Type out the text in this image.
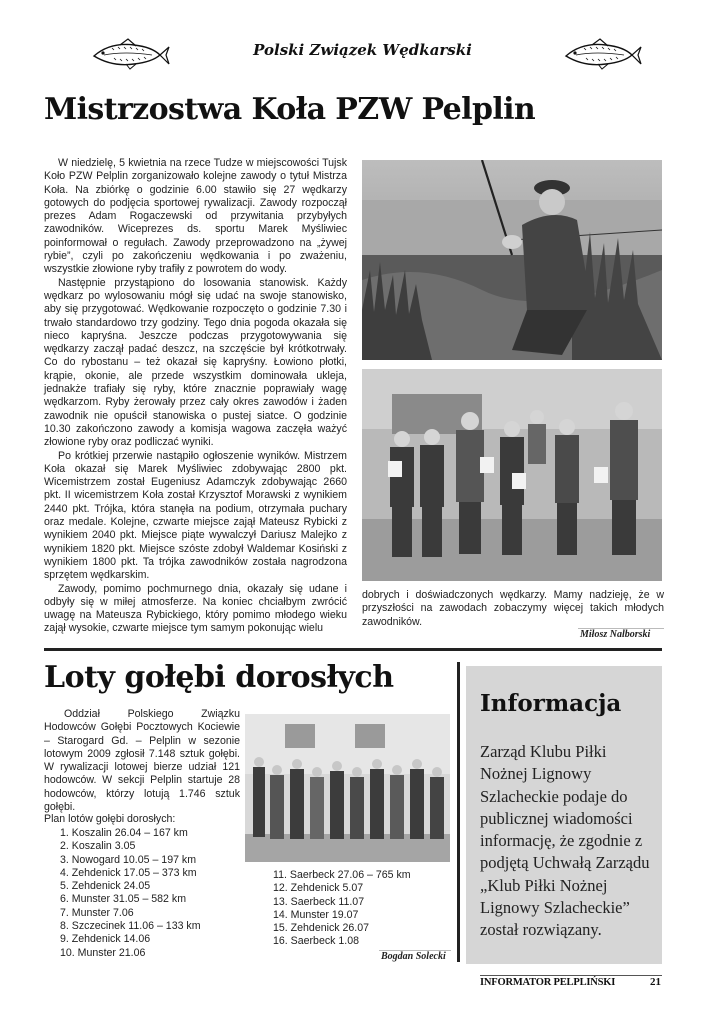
Polski Związek Wędkarski
Mistrzostwa Koła PZW Pelplin

W niedzielę, 5 kwietnia na rzece Tudze w miejscowości Tujsk Koło PZW Pelplin zorganizowało kolejne zawody o tytuł Mistrza Koła. Na zbiórkę o godzinie 6.00 stawiło się 27 wędkarzy gotowych do podjęcia sportowej rywalizacji. Zawody rozpoczął prezes Adam Rogaczewski od przywitania przybyłych zawodników. Wiceprezes ds. sportu Marek Myśliwiec poinformował o regułach. Zawody przeprowadzono na „żywej rybie”, czyli po zakończeniu wędkowania i po zważeniu, wszystkie złowione ryby trafiły z powrotem do wody.

Następnie przystąpiono do losowania stanowisk. Każdy wędkarz po wylosowaniu mógł się udać na swoje stanowisko, aby się przygotować. Wędkowanie rozpoczęto o godzinie 7.30 i trwało standardowo trzy godziny. Tego dnia pogoda okazała się nieco kapryśna. Jeszcze podczas przygotowywania się wędkarzy zaczął padać deszcz, na szczęście był krótkotrwały. Co do rybostanu – też okazał się kapryśny. Łowiono płotki, krąpie, okonie, ale przede wszystkim dominowała ukleja, jednakże trafiały się ryby, które znacznie poprawiały wagę wędkarzom. Ryby żerowały przez cały okres zawodów i żaden zawodnik nie opuścił stanowiska o pustej siatce. O godzinie 10.30 zakończono zawody a komisja wagowa zaczęła ważyć złowione ryby oraz podliczać wyniki.

Po krótkiej przerwie nastąpiło ogłoszenie wyników. Mistrzem Koła okazał się Marek Myśliwiec zdobywając 2800 pkt. Wicemistrzem został Eugeniusz Adamczyk zdobywając 2660 pkt. II wicemistrzem Koła został Krzysztof Morawski z wynikiem 2440 pkt. Trójka, która stanęła na podium, otrzymała puchary oraz medale. Kolejne, czwarte miejsce zajął Mateusz Rybicki z wynikiem 2040 pkt. Miejsce piąte wywalczył Dariusz Malejko z wynikiem 1820 pkt. Miejsce szóste zdobył Waldemar Kosiński z wynikiem 1800 pkt. Ta trójka zawodników została nagrodzona sprzętem wędkarskim.

Zawody, pomimo pochmurnego dnia, okazały się udane i odbyły się w miłej atmosferze. Na koniec chciałbym zwrócić uwagę na Mateusza Rybickiego, który pomimo młodego wieku zajął wysokie, czwarte miejsce tym samym pokonując wielu

dobrych i doświadczonych wędkarzy. Mamy nadzieję, że w przyszłości na zawodach zobaczymy więcej takich młodych zawodników.

Miłosz Nalborski
Loty gołębi dorosłych

Oddział Polskiego Związku Hodowców Gołębi Pocztowych Kociewie – Starogard Gd. – Pelplin w sezonie lotowym 2009 zgłosił 7.148 sztuk gołębi. W rywalizacji lotowej bierze udział 121 hodowców. W sekcji Pelplin startuje 28 hodowców, którzy lotują 1.746 sztuk gołębi.

Plan lotów gołębi dorosłych:
1. Koszalin 26.04 – 167 km
2. Koszalin 3.05
3. Nowogard 10.05 – 197 km
4. Zehdenick 17.05 – 373 km
5. Zehdenick 24.05
6. Munster 31.05 – 582 km
7. Munster 7.06
8. Szczecinek 11.06 – 133 km
9. Zehdenick 14.06
10. Munster 21.06
11. Saerbeck 27.06 – 765 km
12. Zehdenick 5.07
13. Saerbeck 11.07
14. Munster 19.07
15. Zehdenick 26.07
16. Saerbeck 1.08
Bogdan Solecki
Informacja
Zarząd Klubu Piłki Nożnej Lignowy Szlacheckie podaje do publicznej wiadomości informację, że zgodnie z podjętą Uchwałą Zarządu „Klub Piłki Nożnej Lignowy Szlacheckie” został rozwiązany.
INFORMATOR PELPLIŃSKI	21
